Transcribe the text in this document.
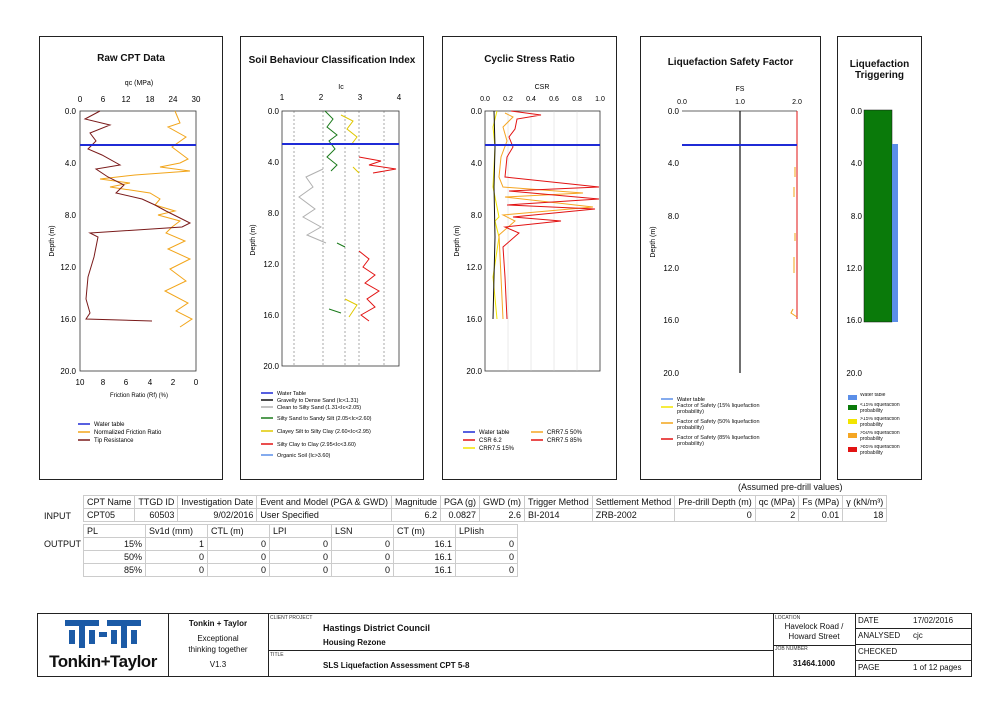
Raw CPT Data
qc (MPa)
0 6 12 18 24 30
10 8 6 4 2 0
Friction Ratio (Rf) (%)
0.0
4.0
8.0
12.0
16.0
20.0
Depth (m)
Water table
Normalized Friction Ratio
Tip Resistance
Soil Behaviour Classification Index
Ic
1	2	3	4
0.0
4.0
8.0
12.0
16.0
20.0
Depth (m)
Water Table
Gravelly to Dense Sand (Ic<1.31)
Clean to Silty Sand (1.31<Ic<2.05)
Silty Sand to Sandy Silt (2.05<Ic<2.60)
Clayey Silt to Silty Clay (2.60<Ic<2.95)
Silty Clay to Clay (2.95<Ic<3.60)
Organic Soil (Ic>3.60)
Cyclic Stress Ratio
CSR
0.0 0.2 0.4 0.6 0.8 1.0
0.0
4.0
8.0
12.0
16.0
20.0
Depth (m)
Water table
CSR 6.2
CRR7.5 15%
CRR7.5 50%
CRR7.5 85%
Liquefaction Safety Factor
FS
0.0	1.0	2.0
0.0
4.0
8.0
12.0
16.0
20.0
Depth (m)
Water table
Factor of Safety (15% liquefaction probability)
Factor of Safety (50% liquefaction probability)
Factor of Safety (85% liquefaction probability)
Liquefaction Triggering
0.0
4.0
8.0
12.0
16.0
20.0
Water table
<15% liquefaction probability
>15% liquefaction probability
>50% liquefaction probability
>85% liquefaction probability
(Assumed pre-drill values)
INPUT
CPT Name	TTGD ID	Investigation Date	Event and Model (PGA & GWD)	Magnitude	PGA (g)	GWD (m)	Trigger Method	Settlement Method	Pre-drill Depth (m)	qc (MPa)	Fs (MPa)	γ (kN/m³)
CPT05	60503	9/02/2016	User Specified	6.2	0.0827	2.6	BI-2014	ZRB-2002	0	2	0.01	18
OUTPUT
PL	Sv1d (mm)	CTL (m)	LPI	LSN	CT (m)	LPIish
15%	1	0	0	0	16.1	0
50%	0	0	0	0	16.1	0
85%	0	0	0	0	16.1	0
Tonkin+Taylor
Tonkin + Taylor
Exceptional thinking together
V1.3
CLIENT PROJECT
Hastings District Council
Housing Rezone
TITLE
SLS Liquefaction Assessment CPT 5-8
LOCATION
Havelock Road / Howard Street
JOB NUMBER
31464.1000
DATE	17/02/2016
ANALYSED cjc
CHECKED
PAGE	1 of 12 pages
